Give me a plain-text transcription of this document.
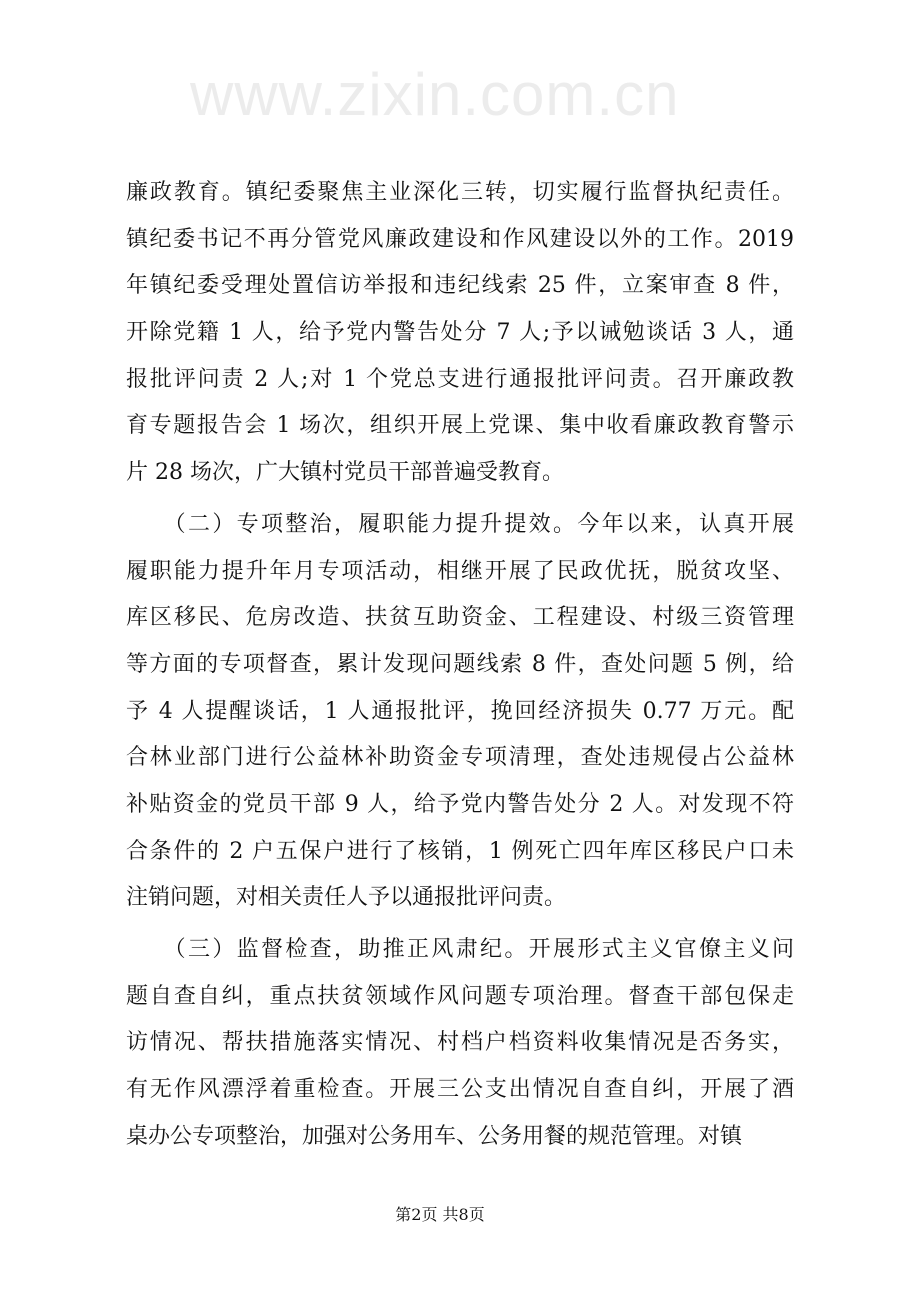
www.zixin.com.cn
廉政教育。镇纪委聚焦主业深化三转，切实履行监督执纪责任。
镇纪委书记不再分管党风廉政建设和作风建设以外的工作。2019
年镇纪委受理处置信访举报和违纪线索 25 件，立案审查 8 件，
开除党籍 1 人，给予党内警告处分 7 人;予以诫勉谈话 3 人，通
报批评问责 2 人;对 1 个党总支进行通报批评问责。召开廉政教
育专题报告会 1 场次，组织开展上党课、集中收看廉政教育警示
片 28 场次，广大镇村党员干部普遍受教育。
　　（二）专项整治，履职能力提升提效。今年以来，认真开展
履职能力提升年月专项活动，相继开展了民政优抚，脱贫攻坚、
库区移民、危房改造、扶贫互助资金、工程建设、村级三资管理
等方面的专项督查，累计发现问题线索 8 件，查处问题 5 例，给
予 4 人提醒谈话，1 人通报批评，挽回经济损失 0.77 万元。配
合林业部门进行公益林补助资金专项清理，查处违规侵占公益林
补贴资金的党员干部 9 人，给予党内警告处分 2 人。对发现不符
合条件的 2 户五保户进行了核销，1 例死亡四年库区移民户口未
注销问题，对相关责任人予以通报批评问责。
　　（三）监督检查，助推正风肃纪。开展形式主义官僚主义问
题自查自纠，重点扶贫领域作风问题专项治理。督查干部包保走
访情况、帮扶措施落实情况、村档户档资料收集情况是否务实，
有无作风漂浮着重检查。开展三公支出情况自查自纠，开展了酒
桌办公专项整治，加强对公务用车、公务用餐的规范管理。对镇
第2页 共8页
